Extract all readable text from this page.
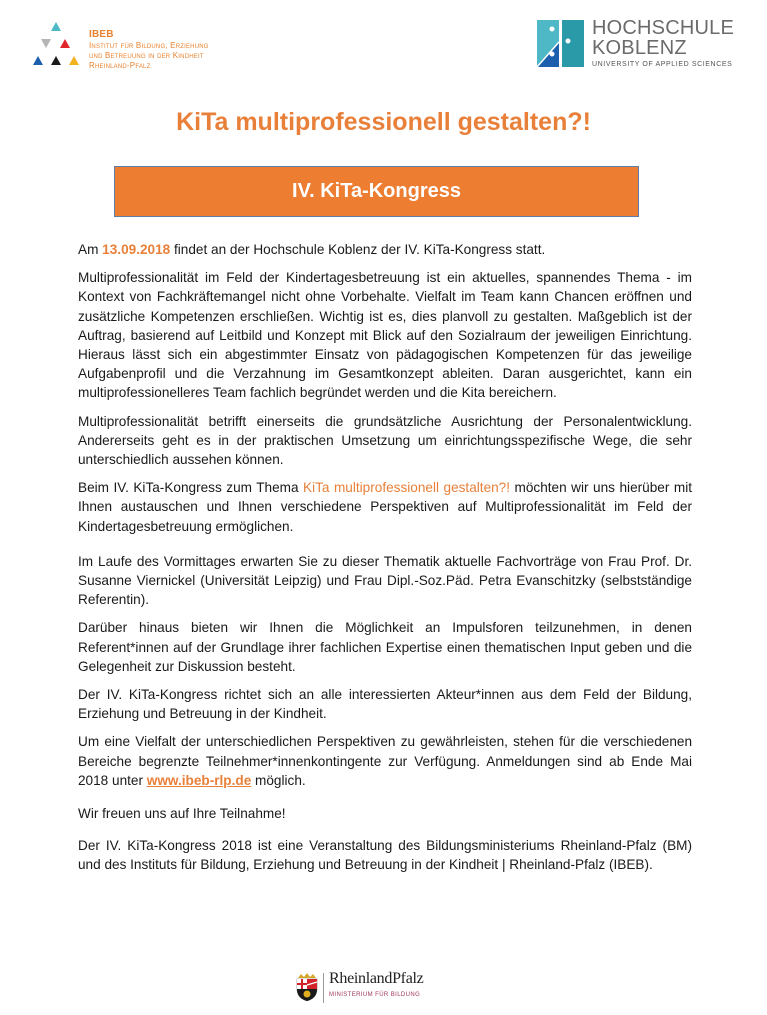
IBEB
Institut für Bildung, Erziehung
und Betreuung in der Kindheit
Rheinland-Pfalz
HOCHSCHULE
KOBLENZ
UNIVERSITY OF APPLIED SCIENCES
KiTa multiprofessionell gestalten?!
IV. KiTa-Kongress

Am 13.09.2018 findet an der Hochschule Koblenz der IV. KiTa-Kongress statt.

Multiprofessionalität im Feld der Kindertagesbetreuung ist ein aktuelles, spannendes Thema - im Kontext von Fachkräftemangel nicht ohne Vorbehalte. Vielfalt im Team kann Chancen eröffnen und zusätzliche Kompetenzen erschließen. Wichtig ist es, dies planvoll zu gestalten. Maßgeblich ist der Auftrag, basierend auf Leitbild und Konzept mit Blick auf den Sozialraum der jeweiligen Einrichtung. Hieraus lässt sich ein abgestimmter Einsatz von pädagogischen Kompetenzen für das jeweilige Aufgabenprofil und die Verzahnung im Gesamtkonzept ableiten. Daran ausgerichtet, kann ein multiprofessionelleres Team fachlich begründet werden und die Kita bereichern.

Multiprofessionalität betrifft einerseits die grundsätzliche Ausrichtung der Personalentwicklung. Andererseits geht es in der praktischen Umsetzung um einrichtungsspezifische Wege, die sehr unterschiedlich aussehen können.

Beim IV. KiTa-Kongress zum Thema KiTa multiprofessionell gestalten?! möchten wir uns hierüber mit Ihnen austauschen und Ihnen verschiedene Perspektiven auf Multiprofessionalität im Feld der Kindertagesbetreuung ermöglichen.

Im Laufe des Vormittages erwarten Sie zu dieser Thematik aktuelle Fachvorträge von Frau Prof. Dr. Susanne Viernickel (Universität Leipzig) und Frau Dipl.-Soz.Päd. Petra Evanschitzky (selbstständige Referentin).

Darüber hinaus bieten wir Ihnen die Möglichkeit an Impulsforen teilzunehmen, in denen Referent*innen auf der Grundlage ihrer fachlichen Expertise einen thematischen Input geben und die Gelegenheit zur Diskussion besteht.

Der IV. KiTa-Kongress richtet sich an alle interessierten Akteur*innen aus dem Feld der Bildung, Erziehung und Betreuung in der Kindheit.

Um eine Vielfalt der unterschiedlichen Perspektiven zu gewährleisten, stehen für die verschiedenen Bereiche begrenzte Teilnehmer*innenkontingente zur Verfügung. Anmeldungen sind ab Ende Mai 2018 unter www.ibeb-rlp.de möglich.

Wir freuen uns auf Ihre Teilnahme!

Der IV. KiTa-Kongress 2018 ist eine Veranstaltung des Bildungsministeriums Rheinland-Pfalz (BM) und des Instituts für Bildung, Erziehung und Betreuung in der Kindheit | Rheinland-Pfalz (IBEB).

RheinlandPfalz
MINISTERIUM FÜR BILDUNG
